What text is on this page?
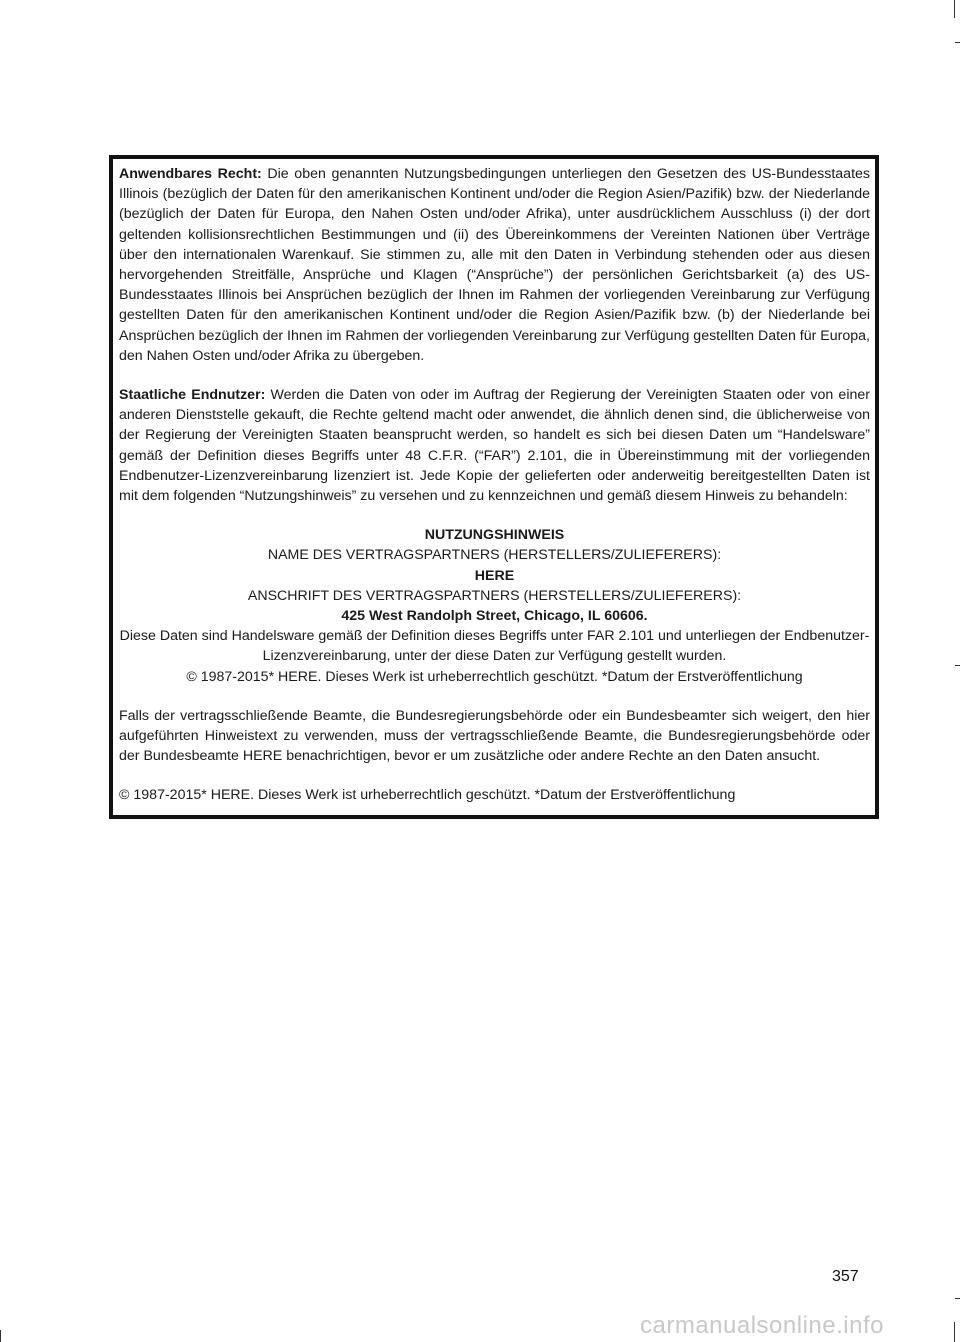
Anwendbares Recht: Die oben genannten Nutzungsbedingungen unterliegen den Gesetzen des US-Bundesstaates Illinois (bezüglich der Daten für den amerikanischen Kontinent und/oder die Region Asien/Pazifik) bzw. der Niederlande (bezüglich der Daten für Europa, den Nahen Osten und/oder Afrika), unter ausdrücklichem Ausschluss (i) der dort geltenden kollisionsrechtlichen Bestimmungen und (ii) des Übereinkommens der Vereinten Nationen über Verträge über den internationalen Warenkauf. Sie stimmen zu, alle mit den Daten in Verbindung stehenden oder aus diesen hervorgehenden Streitfälle, Ansprüche und Klagen (“Ansprüche”) der persönlichen Gerichtsbarkeit (a) des US-Bundesstaates Illinois bei Ansprüchen bezüglich der Ihnen im Rahmen der vorliegenden Vereinbarung zur Verfügung gestellten Daten für den amerikanischen Kontinent und/oder die Region Asien/Pazifik bzw. (b) der Niederlande bei Ansprüchen bezüglich der Ihnen im Rahmen der vorliegenden Vereinbarung zur Verfügung gestellten Daten für Europa, den Nahen Osten und/oder Afrika zu übergeben.

Staatliche Endnutzer: Werden die Daten von oder im Auftrag der Regierung der Vereinigten Staaten oder von einer anderen Dienststelle gekauft, die Rechte geltend macht oder anwendet, die ähnlich denen sind, die üblicherweise von der Regierung der Vereinigten Staaten beansprucht werden, so handelt es sich bei diesen Daten um “Handelsware” gemäß der Definition dieses Begriffs unter 48 C.F.R. (“FAR”) 2.101, die in Übereinstimmung mit der vorliegenden Endbenutzer-Lizenzvereinbarung lizenziert ist. Jede Kopie der gelieferten oder anderweitig bereitgestellten Daten ist mit dem folgenden “Nutzungshinweis” zu versehen und zu kennzeichnen und gemäß diesem Hinweis zu behandeln:

NUTZUNGSHINWEIS
NAME DES VERTRAGSPARTNERS (HERSTELLERS/ZULIEFERERS):
HERE
ANSCHRIFT DES VERTRAGSPARTNERS (HERSTELLERS/ZULIEFERERS):
425 West Randolph Street, Chicago, IL 60606.
Diese Daten sind Handelsware gemäß der Definition dieses Begriffs unter FAR 2.101 und unterliegen der Endbenutzer-Lizenzvereinbarung, unter der diese Daten zur Verfügung gestellt wurden.
© 1987-2015* HERE. Dieses Werk ist urheberrechtlich geschützt. *Datum der Erstveröffentlichung

Falls der vertragsschließende Beamte, die Bundesregierungsbehörde oder ein Bundesbeamter sich weigert, den hier aufgeführten Hinweistext zu verwenden, muss der vertragsschließende Beamte, die Bundesregierungsbehörde oder der Bundesbeamte HERE benachrichtigen, bevor er um zusätzliche oder andere Rechte an den Daten ansucht.

© 1987-2015* HERE. Dieses Werk ist urheberrechtlich geschützt. *Datum der Erstveröffentlichung

357
carmanualsonline.info
